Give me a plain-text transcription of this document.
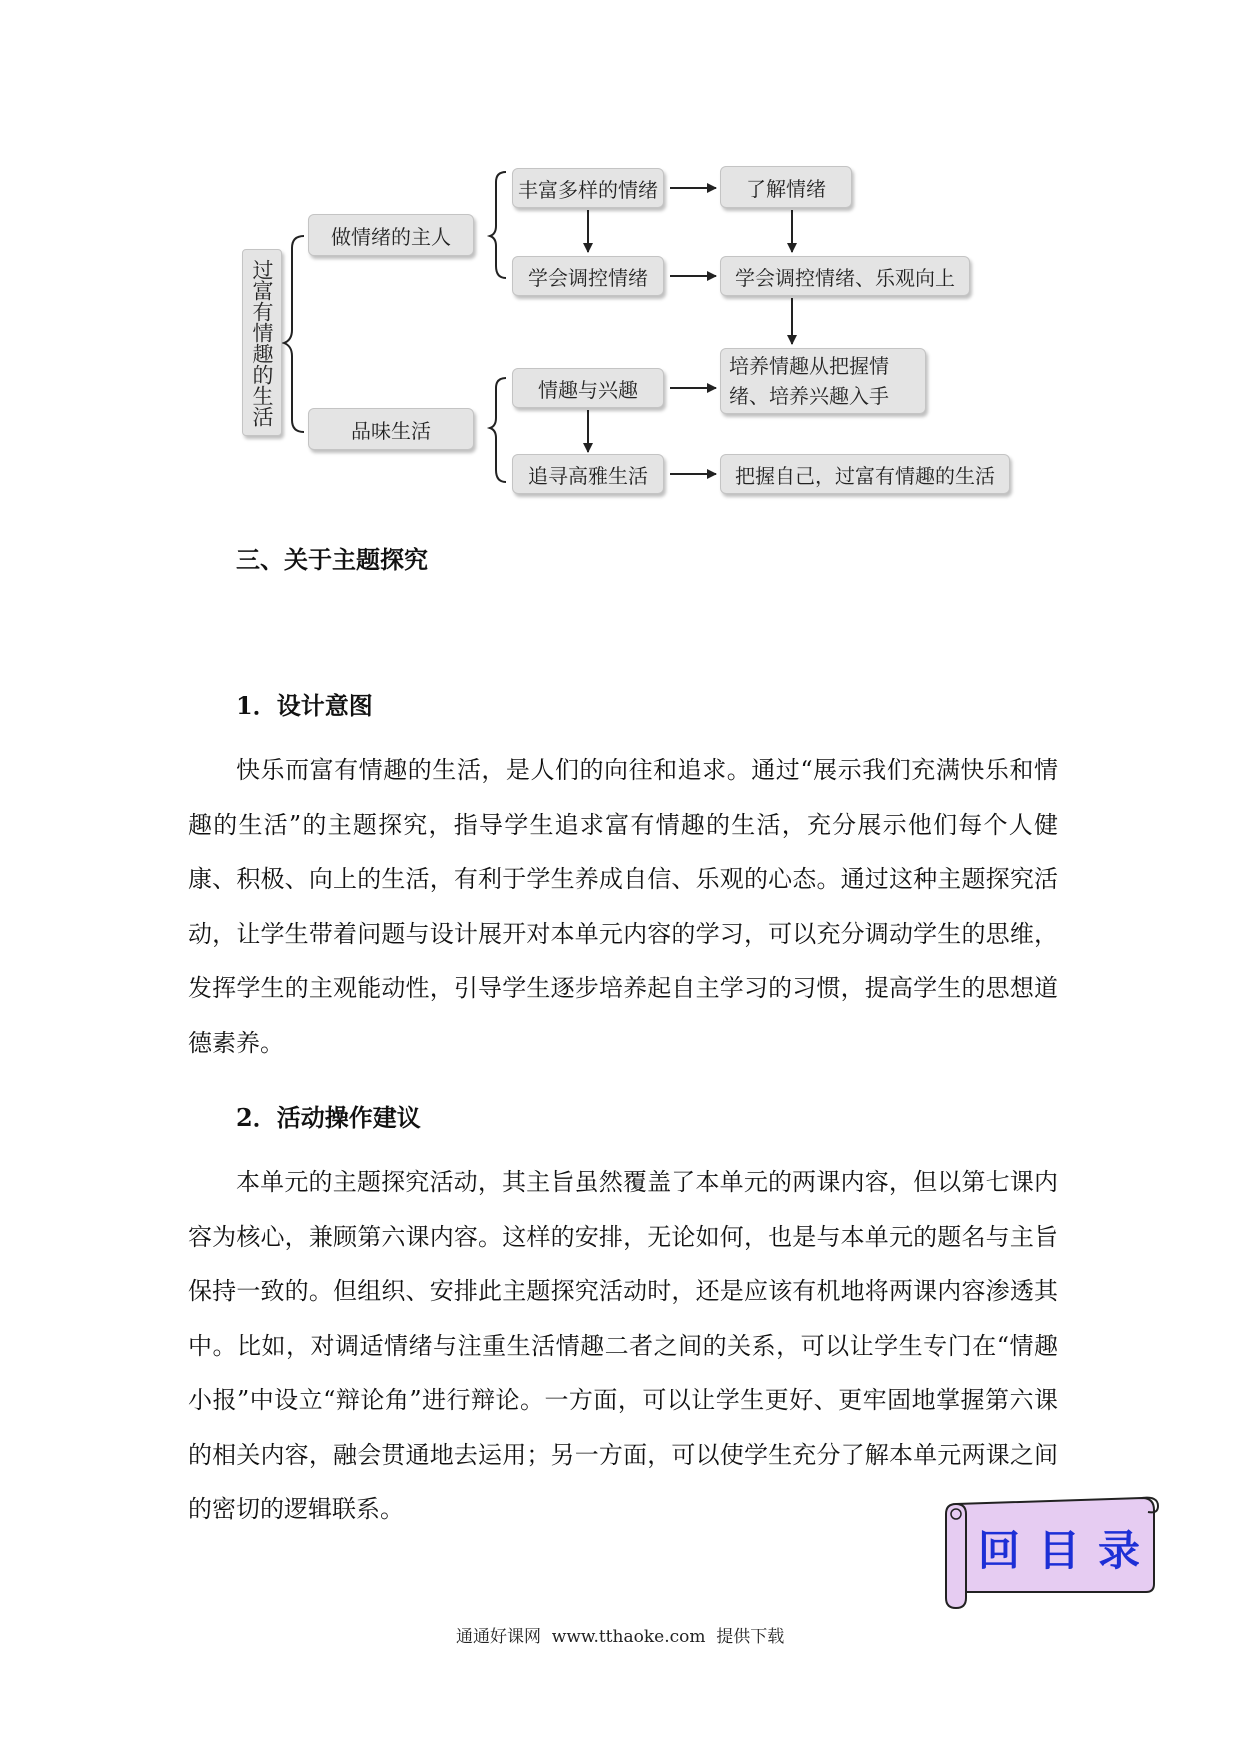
过富有情趣的生活
做情绪的主人
品味生活
丰富多样的情绪
学会调控情绪
了解情绪
学会调控情绪、乐观向上
情趣与兴趣
追寻高雅生活
培养情趣从把握情绪、培养兴趣入手
把握自己，过富有情趣的生活
三、关于主题探究
1．设计意图

快乐而富有情趣的生活，是人们的向往和追求。通过“展示我们充满快乐和情趣的生活”的主题探究，指导学生追求富有情趣的生活，充分展示他们每个人健康、积极、向上的生活，有利于学生养成自信、乐观的心态。通过这种主题探究活动，让学生带着问题与设计展开对本单元内容的学习，可以充分调动学生的思维，发挥学生的主观能动性，引导学生逐步培养起自主学习的习惯，提高学生的思想道德素养。

2．活动操作建议

本单元的主题探究活动，其主旨虽然覆盖了本单元的两课内容，但以第七课内容为核心，兼顾第六课内容。这样的安排，无论如何，也是与本单元的题名与主旨保持一致的。但组织、安排此主题探究活动时，还是应该有机地将两课内容渗透其中。比如，对调适情绪与注重生活情趣二者之间的关系，可以让学生专门在“情趣小报”中设立“辩论角”进行辩论。一方面，可以让学生更好、更牢固地掌握第六课的相关内容，融会贯通地去运用；另一方面，可以使学生充分了解本单元两课之间的密切的逻辑联系。

回目录
通通好课网  www.tthaoke.com  提供下载
